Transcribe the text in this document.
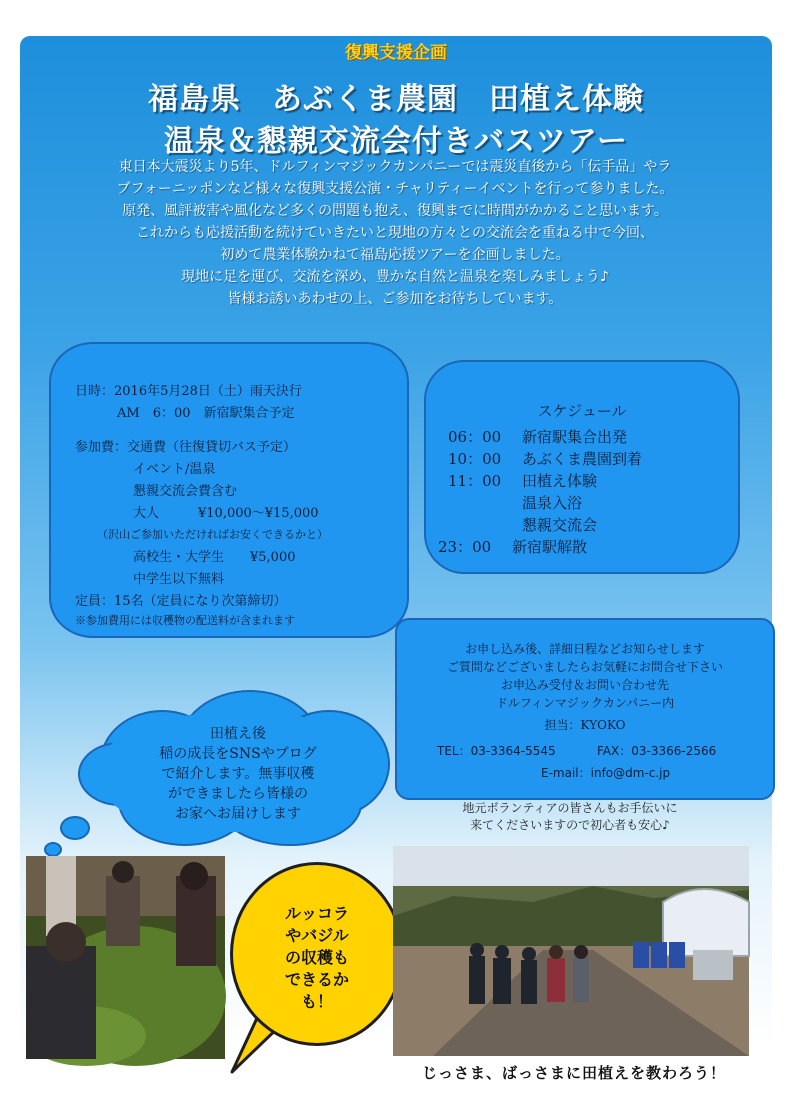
復興支援企画
福島県　あぶくま農園　田植え体験
温泉＆懇親交流会付きバスツアー
東日本大震災より5年、ドルフィンマジックカンパニーでは震災直後から「伝手品」やラ
ブフォーニッポンなど様々な復興支援公演・チャリティーイベントを行って参りました。
原発、風評被害や風化など多くの問題も抱え、復興までに時間がかかること思います。
これからも応援活動を続けていきたいと現地の方々との交流会を重ねる中で今回、
初めて農業体験かねて福島応援ツアーを企画しました。
現地に足を運び、交流を深め、豊かな自然と温泉を楽しみましょう♪
皆様お誘いあわせの上、ご参加をお待ちしています。
日時：2016年5月28日（土）雨天決行
AM　6：00　新宿駅集合予定
参加費：交通費（往復貸切バス予定）
イベント/温泉
懇親交流会費含む
大人　　　¥10,000～¥15,000
（沢山ご参加いただければお安くできるかと）
高校生・大学生　　¥5,000
中学生以下無料
定員：15名（定員になり次第締切）
※参加費用には収穫物の配送料が含まれます
スケジュール
06：00 新宿駅集合出発
10：00 あぶくま農園到着
11：00 田植え体験
温泉入浴
懇親交流会
23：00 新宿駅解散
お申し込み後、詳細日程などお知らせします
ご質問などございましたらお気軽にお問合せ下さい
お申込み受付＆お問い合わせ先
ドルフィンマジックカンパニー内
担当：KYOKO
TEL：03-3364-5545	FAX：03-3366-2566
E-mail：info@dm-c.jp
田植え後
稲の成長をSNSやブログ
で紹介します。無事収穫
ができましたら皆様の
お家へお届けします	地元ボランティアの皆さんもお手伝いに
来てくださいますので初心者も安心♪
ルッコラ
やバジル
の収穫も
できるか
も！
じっさま、ばっさまに田植えを教わろう！
